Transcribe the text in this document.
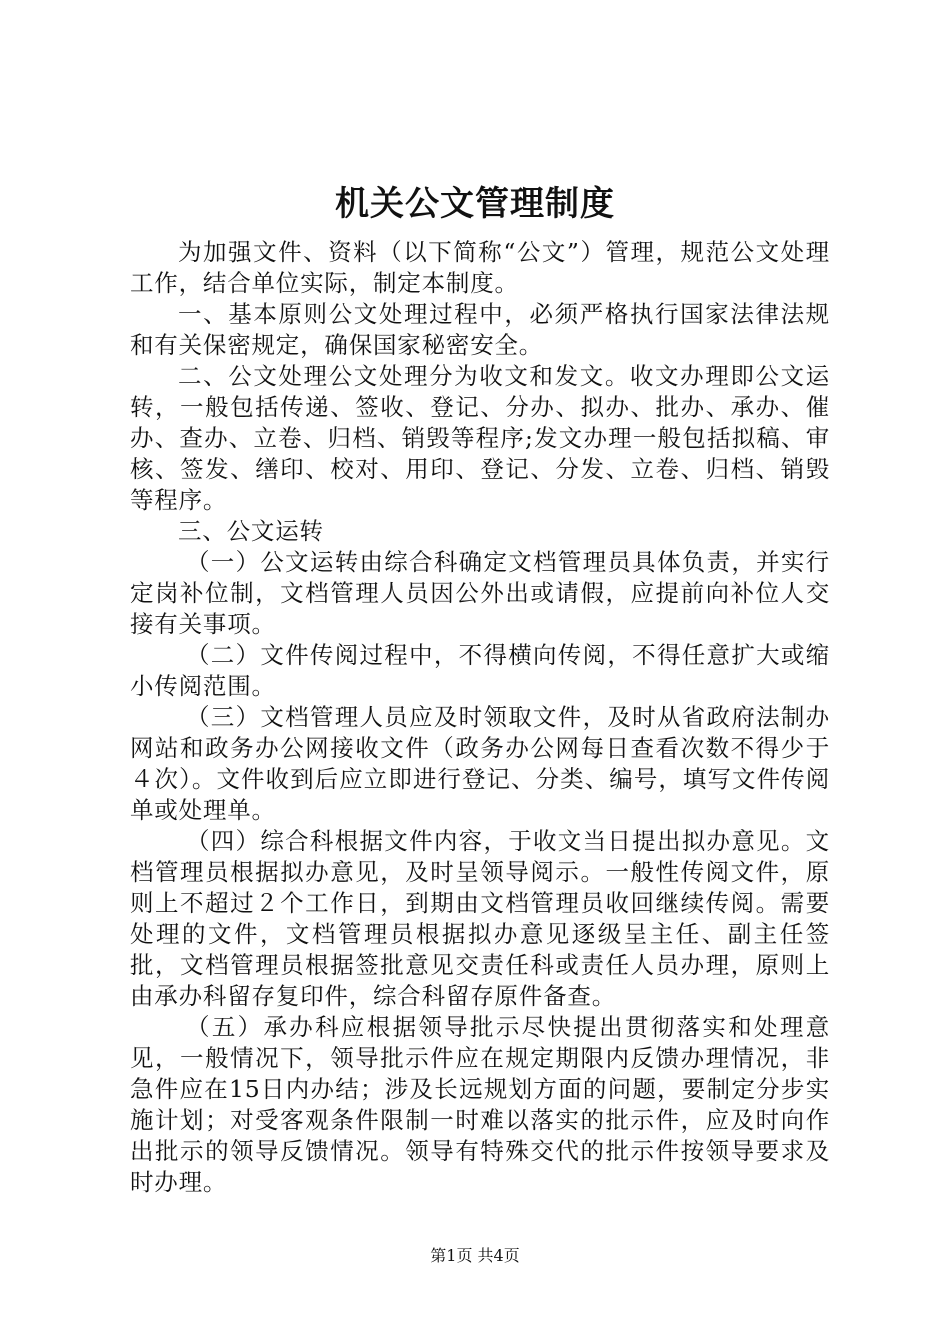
机关公文管理制度

为加强文件、资料（以下简称“公文”）管理，规范公文处理工作，结合单位实际，制定本制度。

一、基本原则公文处理过程中，必须严格执行国家法律法规和有关保密规定，确保国家秘密安全。

二、公文处理公文处理分为收文和发文。收文办理即公文运转，一般包括传递、签收、登记、分办、拟办、批办、承办、催办、查办、立卷、归档、销毁等程序;发文办理一般包括拟稿、审核、签发、缮印、校对、用印、登记、分发、立卷、归档、销毁等程序。

三、公文运转

（一）公文运转由综合科确定文档管理员具体负责，并实行定岗补位制，文档管理人员因公外出或请假，应提前向补位人交接有关事项。

（二）文件传阅过程中，不得横向传阅，不得任意扩大或缩小传阅范围。

（三）文档管理人员应及时领取文件，及时从省政府法制办网站和政务办公网接收文件（政务办公网每日查看次数不得少于４次）。文件收到后应立即进行登记、分类、编号，填写文件传阅单或处理单。

（四）综合科根据文件内容，于收文当日提出拟办意见。文档管理员根据拟办意见，及时呈领导阅示。一般性传阅文件，原则上不超过２个工作日，到期由文档管理员收回继续传阅。需要处理的文件，文档管理员根据拟办意见逐级呈主任、副主任签批，文档管理员根据签批意见交责任科或责任人员办理，原则上由承办科留存复印件，综合科留存原件备查。

（五）承办科应根据领导批示尽快提出贯彻落实和处理意见，一般情况下，领导批示件应在规定期限内反馈办理情况，非急件应在15日内办结；涉及长远规划方面的问题，要制定分步实施计划；对受客观条件限制一时难以落实的批示件，应及时向作出批示的领导反馈情况。领导有特殊交代的批示件按领导要求及时办理。

第1页 共4页
